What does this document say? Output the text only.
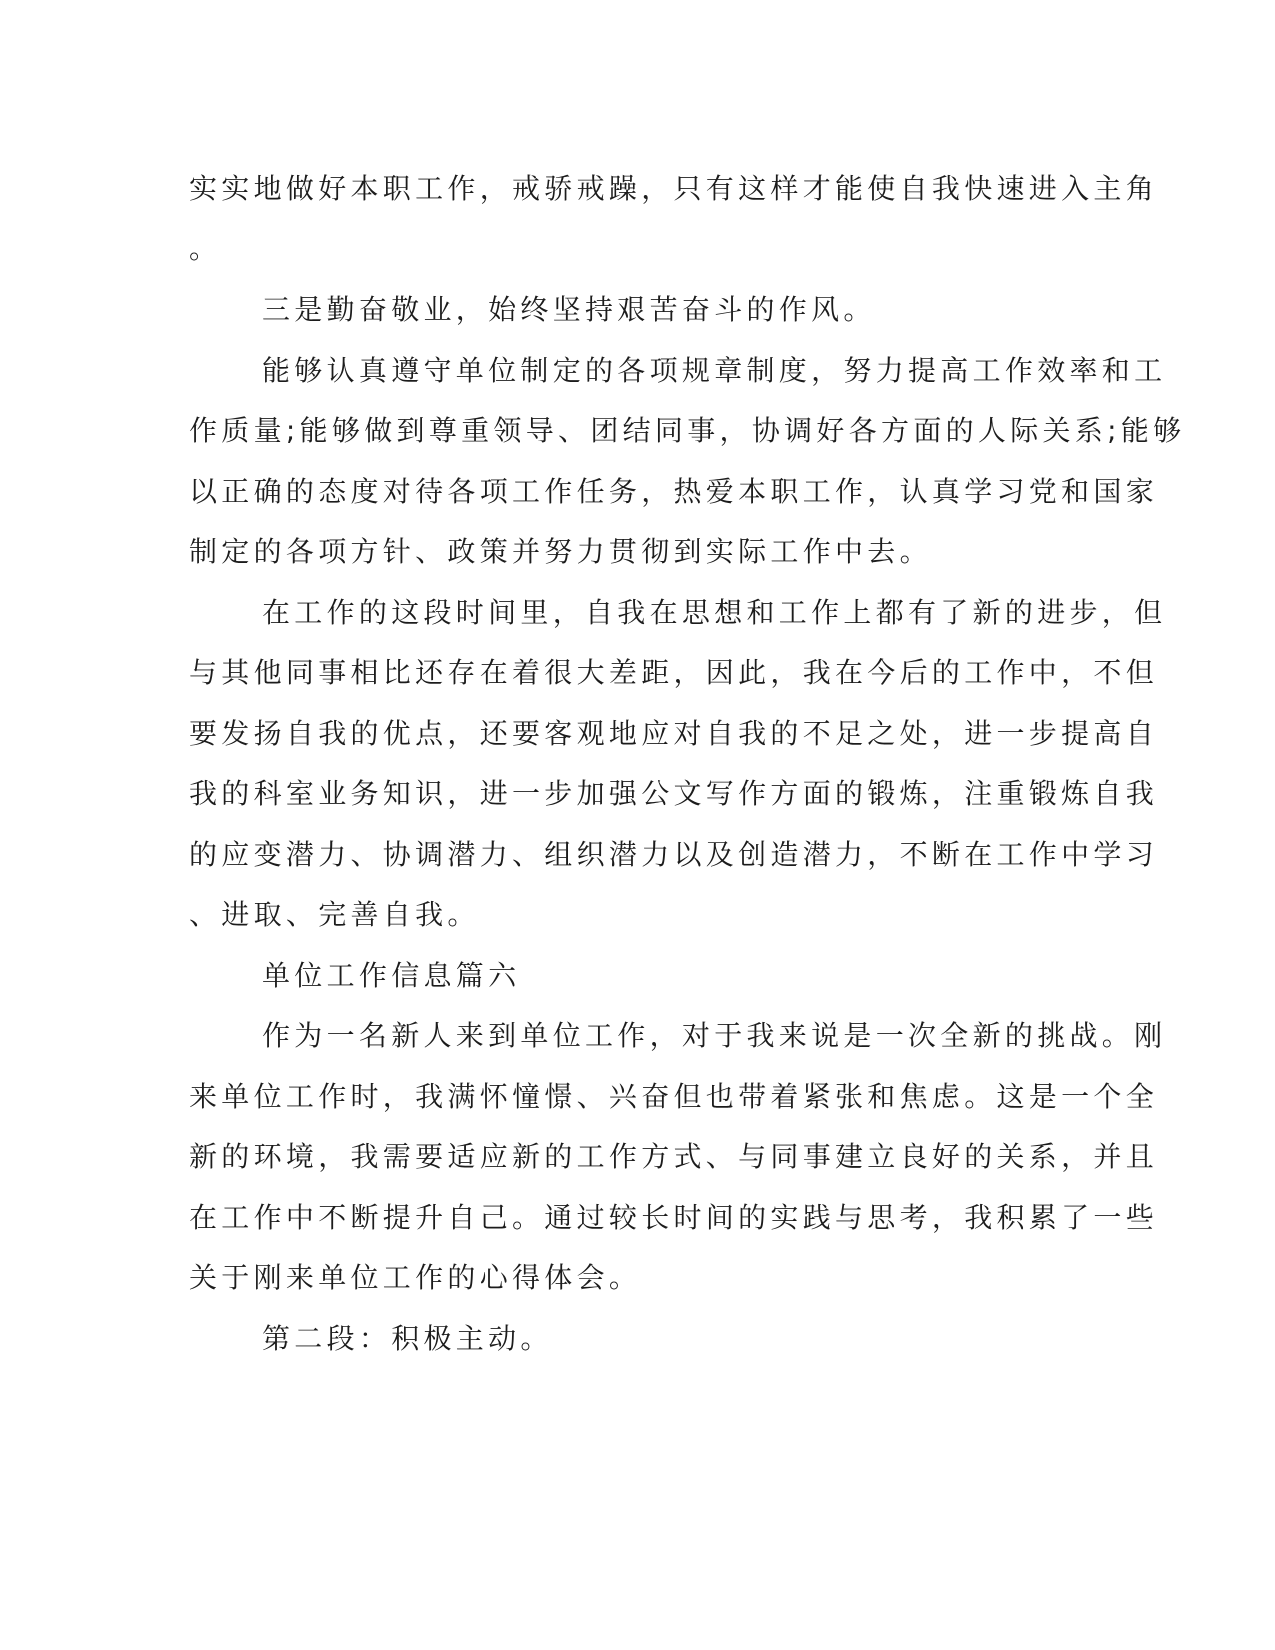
实实地做好本职工作，戒骄戒躁，只有这样才能使自我快速进入主角
。
三是勤奋敬业，始终坚持艰苦奋斗的作风。
能够认真遵守单位制定的各项规章制度，努力提高工作效率和工
作质量;能够做到尊重领导、团结同事，协调好各方面的人际关系;能够
以正确的态度对待各项工作任务，热爱本职工作，认真学习党和国家
制定的各项方针、政策并努力贯彻到实际工作中去。
在工作的这段时间里，自我在思想和工作上都有了新的进步，但
与其他同事相比还存在着很大差距，因此，我在今后的工作中，不但
要发扬自我的优点，还要客观地应对自我的不足之处，进一步提高自
我的科室业务知识，进一步加强公文写作方面的锻炼，注重锻炼自我
的应变潜力、协调潜力、组织潜力以及创造潜力，不断在工作中学习
、进取、完善自我。
单位工作信息篇六
作为一名新人来到单位工作，对于我来说是一次全新的挑战。刚
来单位工作时，我满怀憧憬、兴奋但也带着紧张和焦虑。这是一个全
新的环境，我需要适应新的工作方式、与同事建立良好的关系，并且
在工作中不断提升自己。通过较长时间的实践与思考，我积累了一些
关于刚来单位工作的心得体会。
第二段：积极主动。
